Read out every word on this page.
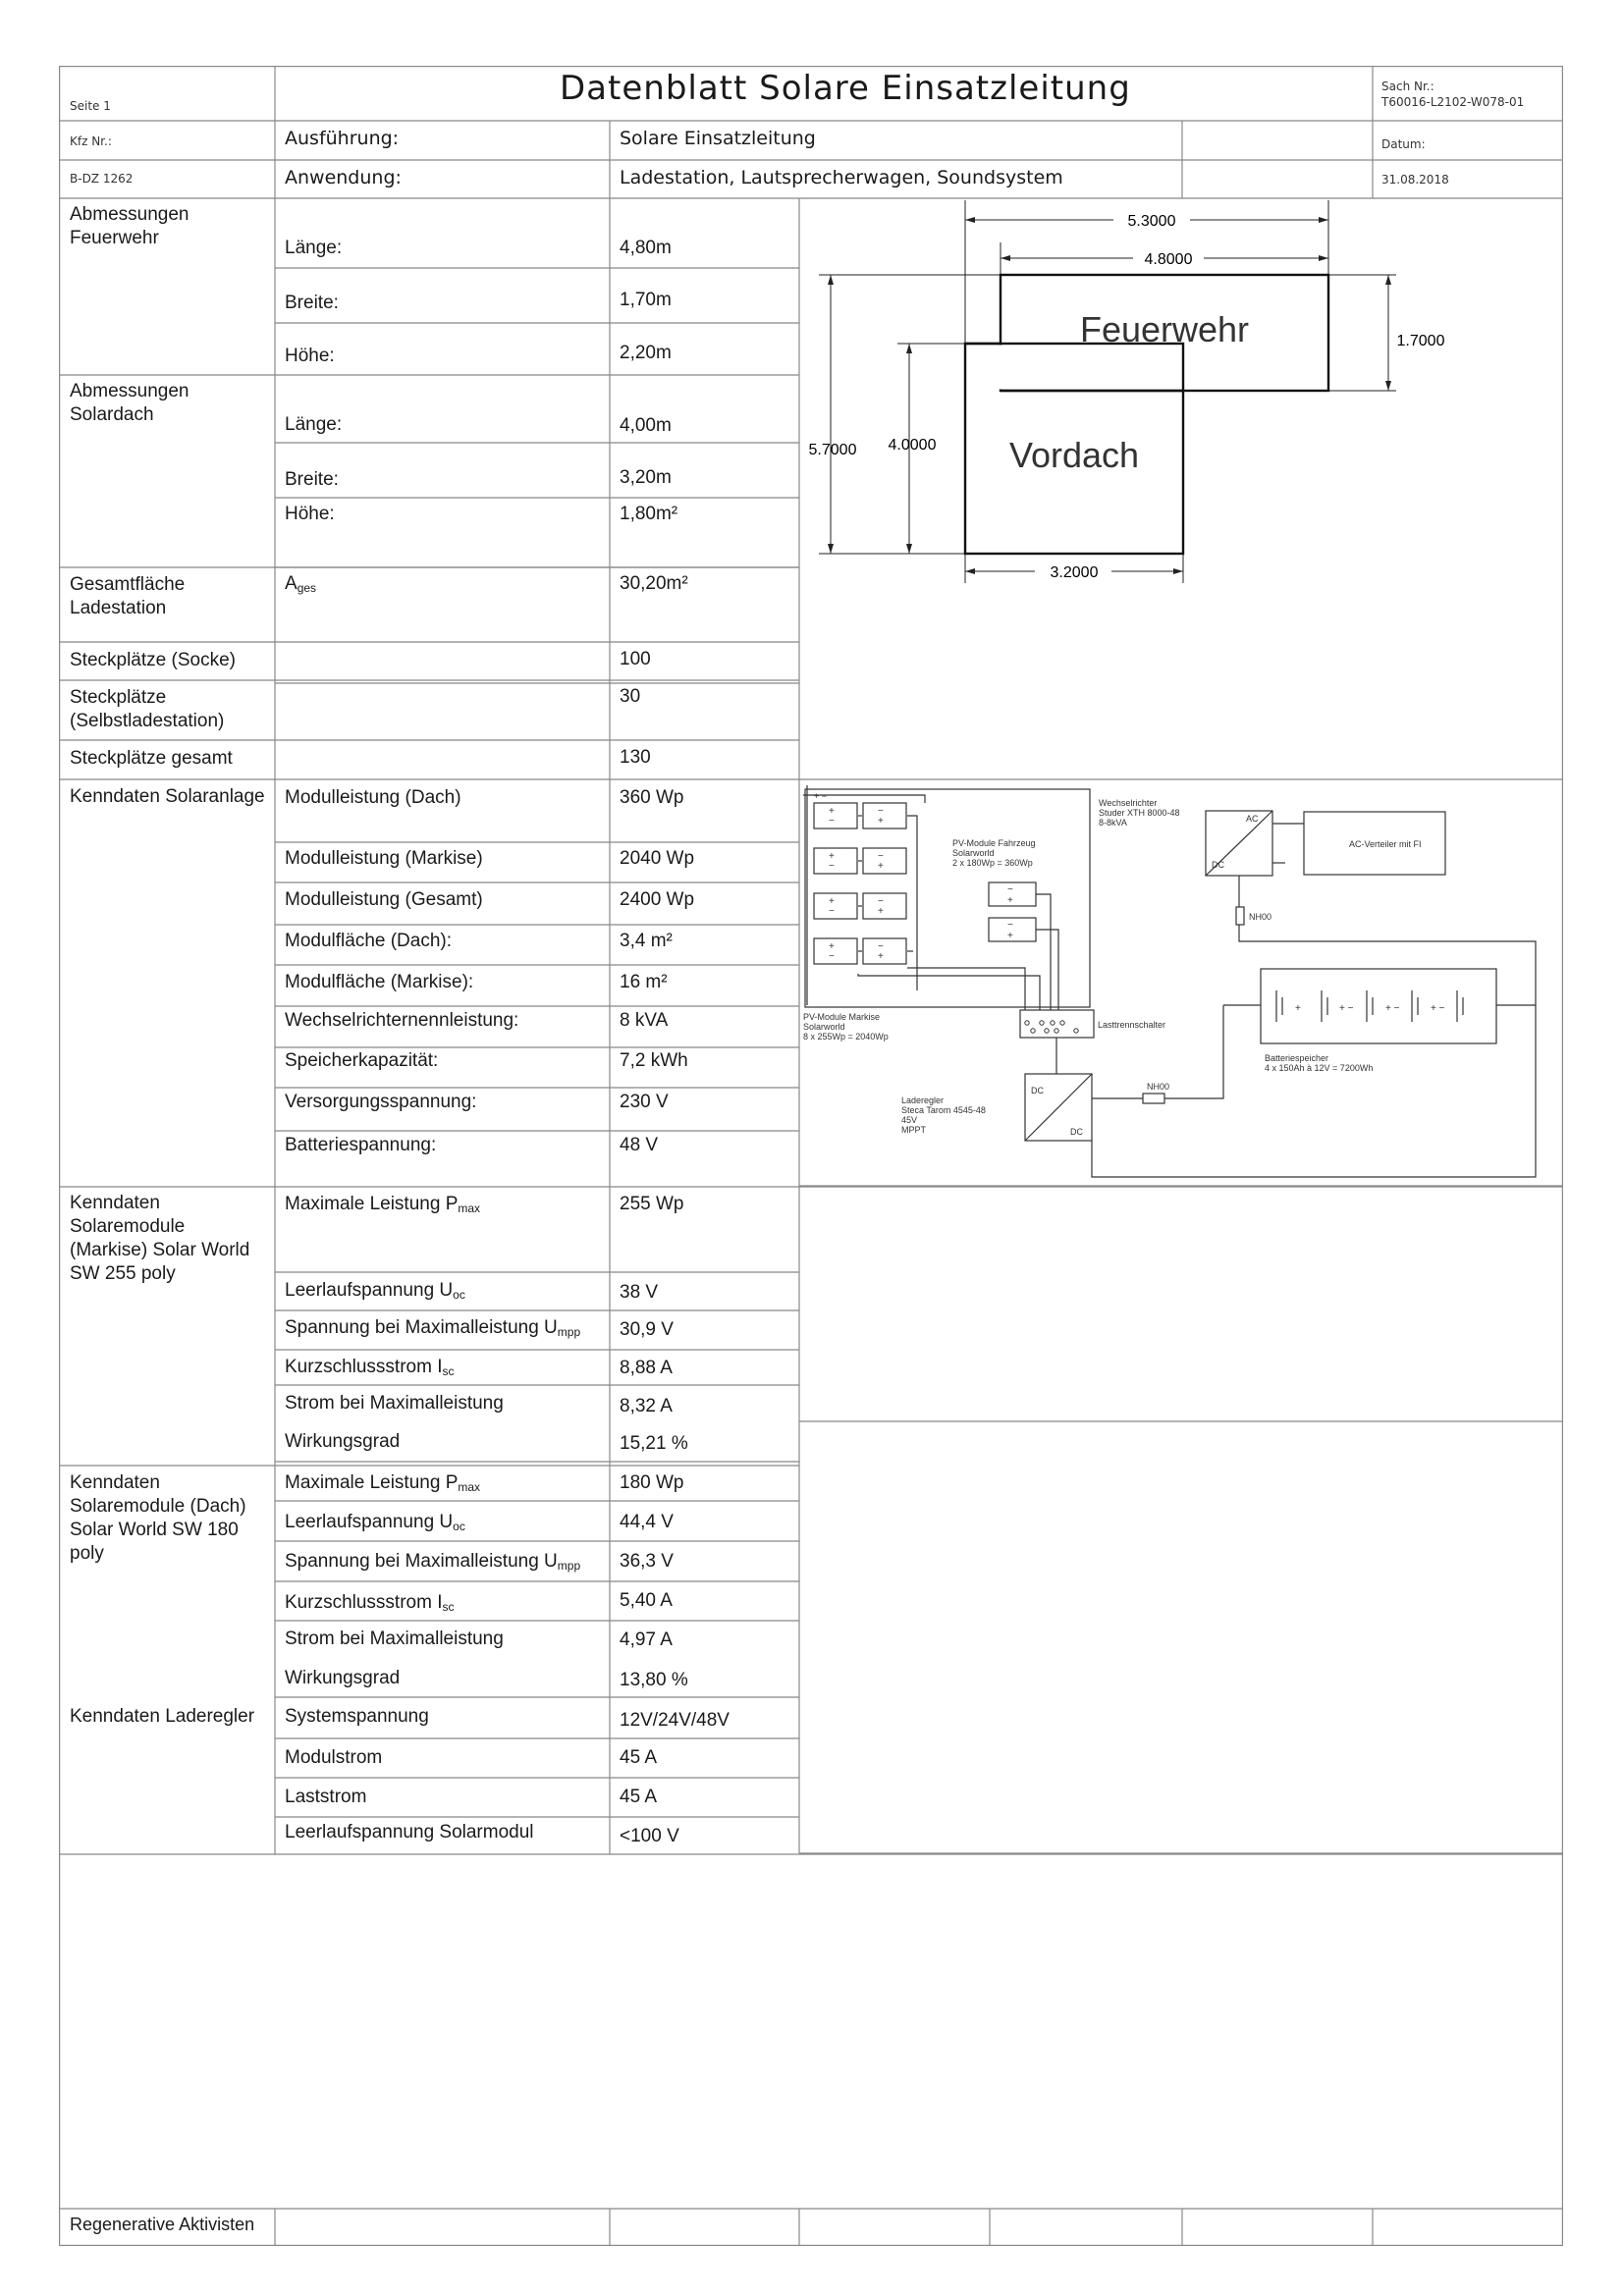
Seite 1	Datenblatt Solare Einsatzleitung	Sach Nr.:
T60016-L2102-W078-01
Kfz Nr.:
B-DZ 1262
Ausführung:	Solare Einsatzleitung
Anwendung:	Ladestation, Lautsprecherwagen, Soundsystem
Datum:
31.08.2018
Abmessungen Feuerwehr	Länge:	4,80m
Breite:	1,70m
Höhe:	2,20m
Abmessungen Solardach	Länge:	4,00m
Breite:	3,20m
Höhe:	1,80m²
Gesamtfläche Ladestation
$A_{ges}$	30,20m²
Steckplätze (Socke)	100
Steckplätze (Selbstladestation)
30
Steckplätze gesamt	130
Kenndaten Solaranlage Modulleistung (Dach)	360 Wp
Modulleistung (Markise)	2040 Wp
Modulleistung (Gesamt)	2400 Wp
Modulfläche (Dach):	3,4 m²
Modulfläche (Markise):	16 m²
Wechselrichternennleistung:	8 kVA
Speicherkapazität:	7,2 kWh
Versorgungsspannung:	230 V
Batteriespannung:	48 V
Kenndaten Solaremodule (Markise) Solar World SW 255 poly
Maximale Leistung $P_{max}$	255 Wp
Leerlaufspannung $U_{oc}$	38 V
Spannung bei Maximalleistung $U_{mpp}$ 30,9 V
Kurzschlussstrom $I_{sc}$	8,88 A
Strom bei Maximalleistung	8,32 A
Wirkungsgrad	15,21 %
Kenndaten Solaremodule (Dach) Solar World SW 180 poly
Maximale Leistung $P_{max}$	180 Wp
Leerlaufspannung $U_{oc}$	44,4 V
Spannung bei Maximalleistung $U_{mpp}$ 36,3 V
Kurzschlussstrom $I_{sc}$	5,40 A
Strom bei Maximalleistung	4,97 A
Wirkungsgrad	13,80 %
Kenndaten Laderegler	Systemspannung	12V/24V/48V
Modulstrom	45 A
Laststrom	45 A
Leerlaufspannung Solarmodul	<100 V
Regenerative Aktivisten
Feuerwehr
Vordach
5.3000
4.8000
1.7000
5.7000 4.0000
3.2000
+ −
PV-Module Markise
Solarworld
8 x 255Wp = 2040Wp
PV-Module Fahrzeug
Solarworld
2 x 180Wp = 360Wp
Wechselrichter
Studer XTH 8000-48
8-8kVA
AC-Verteiler mit FI
AC
DC
NH00
Lasttrennschalter
Laderegler
Steca Tarom 4545-48
45V
MPPT
DC
DC
NH00
Batteriespeicher
4 x 150Ah à 12V = 7200Wh
+	−
−	+
+	−
−	+
+	−
−	+
+	−
−	+
−
+
−
+
+	+ −	+ −	+ −
